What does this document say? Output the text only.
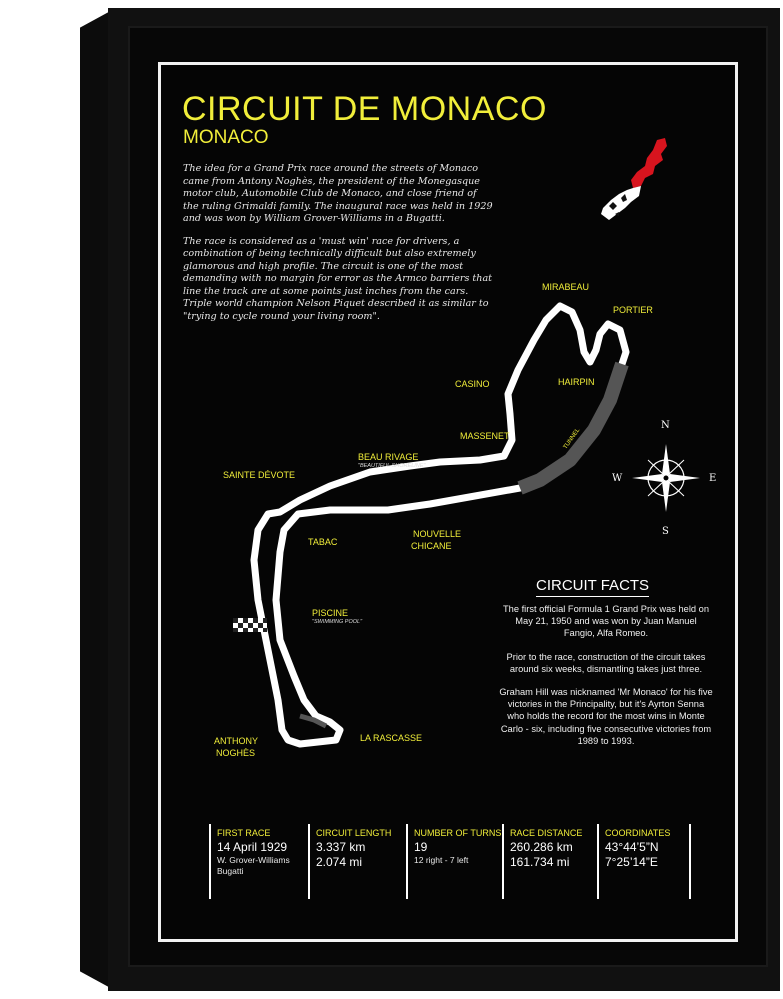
CIRCUIT DE MONACO
MONACO

The idea for a Grand Prix race around the streets of Monaco came from Antony Noghès, the president of the Monegasque motor club, Automobile Club de Monaco, and close friend of the ruling Grimaldi family. The inaugural race was held in 1929 and was won by William Grover-Williams in a Bugatti.

The race is considered as a 'must win' race for drivers, a combination of being technically difficult but also extremely glamorous and high profile. The circuit is one of the most demanding with no margin for error as the Armco barriers that line the track are at some points just inches from the cars. Triple world champion Nelson Piquet described it as similar to "trying to cycle round your living room".

MIRABEAU
PORTIER
CASINO	HAIRPIN
MASSENET	TUNNEL
BEAU RIVAGE
"BEAUTIFUL SHORELINE"
SAINTE DÉVOTE
TABAC
NOUVELLE
CHICANE
PISCINE
"SWIMMING POOL"
ANTHONY
NOGHÈS
LA RASCASSE
N
S
E
W
CIRCUIT FACTS

The first official Formula 1 Grand Prix was held on May 21, 1950 and was won by Juan Manuel Fangio, Alfa Romeo.

Prior to the race, construction of the circuit takes around six weeks, dismantling takes just three.

Graham Hill was nicknamed 'Mr Monaco' for his five victories in the Principality, but it's Ayrton Senna who holds the record for the most wins in Monte Carlo - six, including five consecutive victories from 1989 to 1993.

FIRST RACE
14 April 1929
W. Grover-Williams
Bugatti
CIRCUIT LENGTH
3.337 km
2.074 mi
NUMBER OF TURNS
19
12 right - 7 left
RACE DISTANCE
260.286 km
161.734 mi
COORDINATES
43°44’5”N
7°25’14”E
